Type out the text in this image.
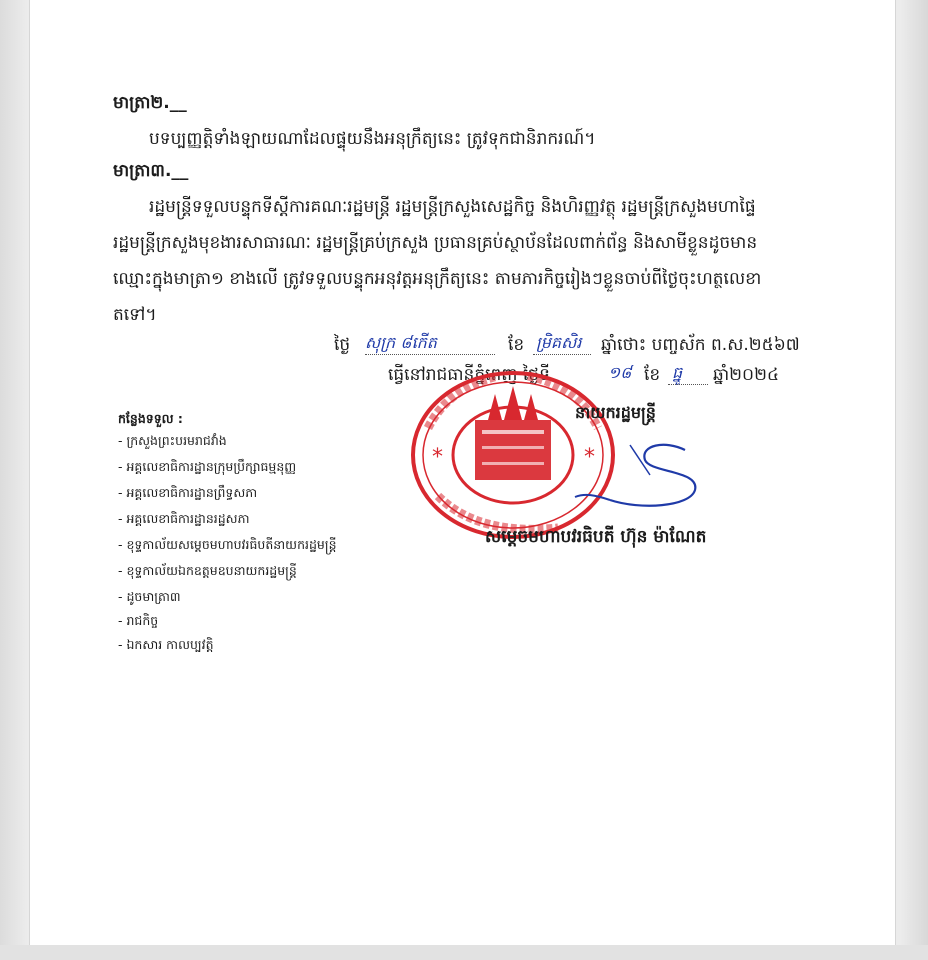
មាត្រា២.__
បទប្បញ្ញត្តិទាំងឡាយណាដែលផ្ទុយនឹងអនុក្រឹត្យនេះ ត្រូវទុកជានិរាករណ៍។
មាត្រា៣.__
រដ្ឋមន្ត្រីទទួលបន្ទុកទីស្តីការគណៈរដ្ឋមន្ត្រី រដ្ឋមន្ត្រីក្រសួងសេដ្ឋកិច្ច និងហិរញ្ញវត្ថុ រដ្ឋមន្ត្រីក្រសួងមហាផ្ទៃ
រដ្ឋមន្ត្រីក្រសួងមុខងារសាធារណៈ រដ្ឋមន្ត្រីគ្រប់ក្រសួង ប្រធានគ្រប់ស្ថាប័នដែលពាក់ព័ន្ធ និងសាមីខ្លួនដូចមាន
ឈ្មោះក្នុងមាត្រា១ ខាងលើ ត្រូវទទួលបន្ទុកអនុវត្តអនុក្រឹត្យនេះ តាមភារកិច្ចរៀងៗខ្លួនចាប់ពីថ្ងៃចុះហត្ថលេខា
តទៅ។
ថ្ងៃ សុក្រ ៨កើត	ខែ ម្រិគសិរ ឆ្នាំថោះ បញ្ចស័ក ព.ស.២៥៦៧
ធ្វើនៅរាជធានីភ្នំពេញ ថ្ងៃទី	១៨ ខែ ធ្នូ ឆ្នាំ២០២៤
*	*
នាយករដ្ឋមន្ត្រី
សម្តេចមហាបវរធិបតី ហ៊ុន ម៉ាណែត
កន្លែងទទួល :
- ក្រសួងព្រះបរមរាជវាំង
- អគ្គលេខាធិការដ្ឋានក្រុមប្រឹក្សាធម្មនុញ្ញ
- អគ្គលេខាធិការដ្ឋានព្រឹទ្ធសភា
- អគ្គលេខាធិការដ្ឋានរដ្ឋសភា
- ខុទ្ទកាល័យសម្តេចមហាបវរធិបតីនាយករដ្ឋមន្ត្រី
- ខុទ្ទកាល័យឯកឧត្តមឧបនាយករដ្ឋមន្ត្រី
- ដូចមាត្រា៣
- រាជកិច្ច
- ឯកសារ កាលប្បវត្តិ
